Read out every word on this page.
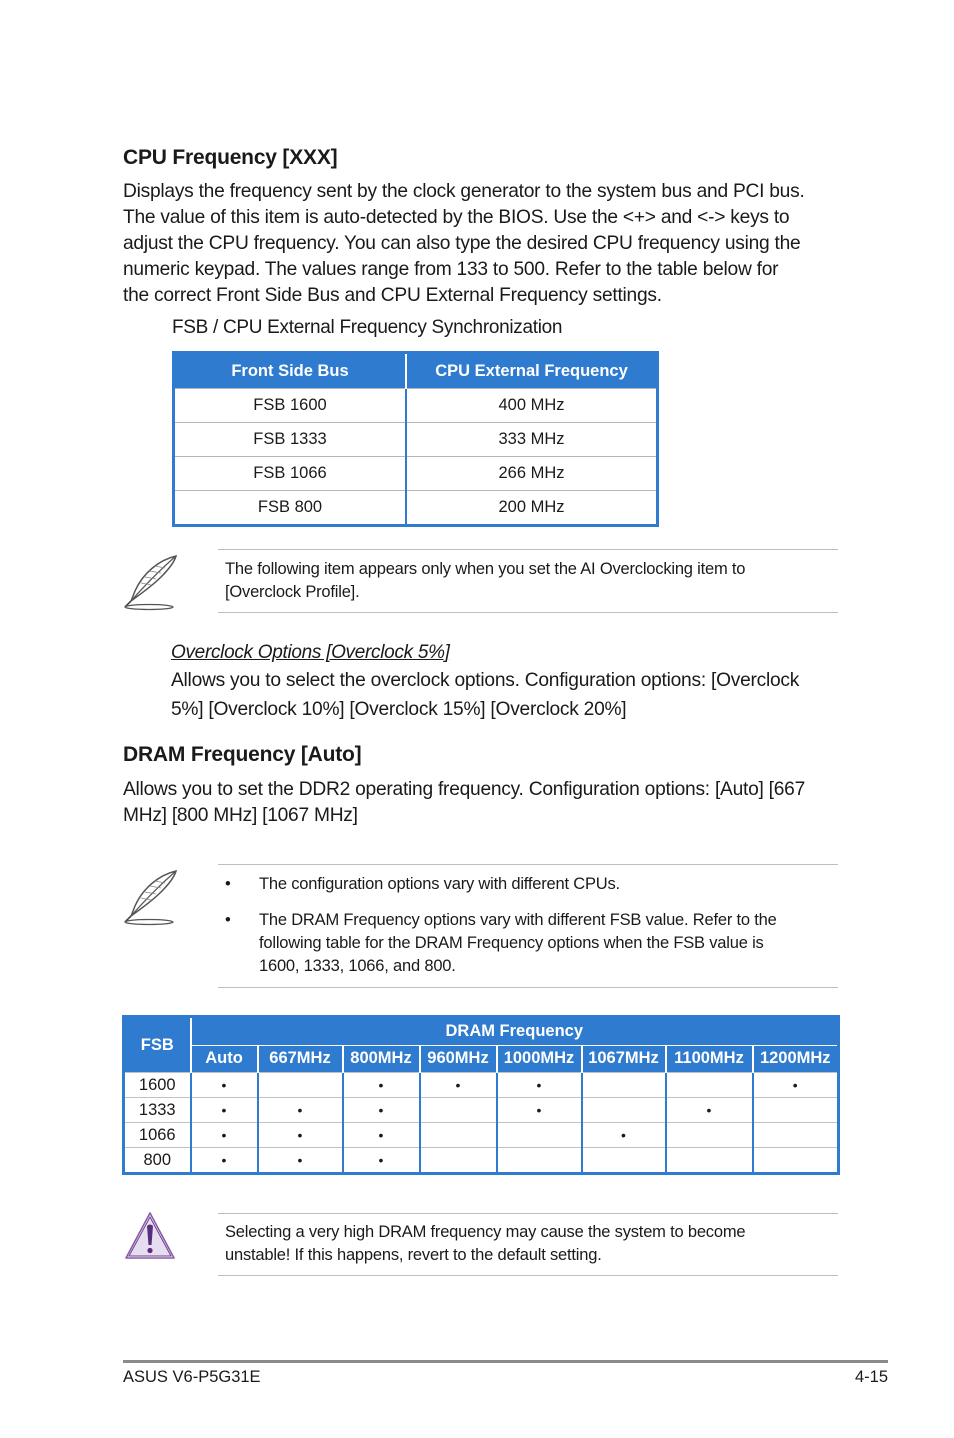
CPU Frequency [XXX]
Displays the frequency sent by the clock generator to the system bus and PCI bus.
The value of this item is auto-detected by the BIOS. Use the <+> and <-> keys to
adjust the CPU frequency. You can also type the desired CPU frequency using the
numeric keypad. The values range from 133 to 500. Refer to the table below for
the correct Front Side Bus and CPU External Frequency settings.
FSB / CPU External Frequency Synchronization
Front Side Bus	CPU External Frequency
FSB 1600	400 MHz
FSB 1333	333 MHz
FSB 1066	266 MHz
FSB 800	200 MHz
The following item appears only when you set the AI Overclocking item to
[Overclock Profile].
Overclock Options [Overclock 5%]
Allows you to select the overclock options. Configuration options: [Overclock
5%] [Overclock 10%] [Overclock 15%] [Overclock 20%]
DRAM Frequency [Auto]
Allows you to set the DDR2 operating frequency. Configuration options: [Auto] [667
MHz] [800 MHz] [1067 MHz]
• The configuration options vary with different CPUs.
• The DRAM Frequency options vary with different FSB value. Refer to the
following table for the DRAM Frequency options when the FSB value is
1600, 1333, 1066, and 800.
FSB	DRAM Frequency							
	Auto	667MHz	800MHz	960MHz	1000MHz	1067MHz	1100MHz	1200MHz
1600	•		•	•	•			•
1333	•	•	•		•		•	
1066	•	•	•			•		
800	•	•	•					
Selecting a very high DRAM frequency may cause the system to become
unstable! If this happens, revert to the default setting.
ASUS V6-P5G31E	4-15
